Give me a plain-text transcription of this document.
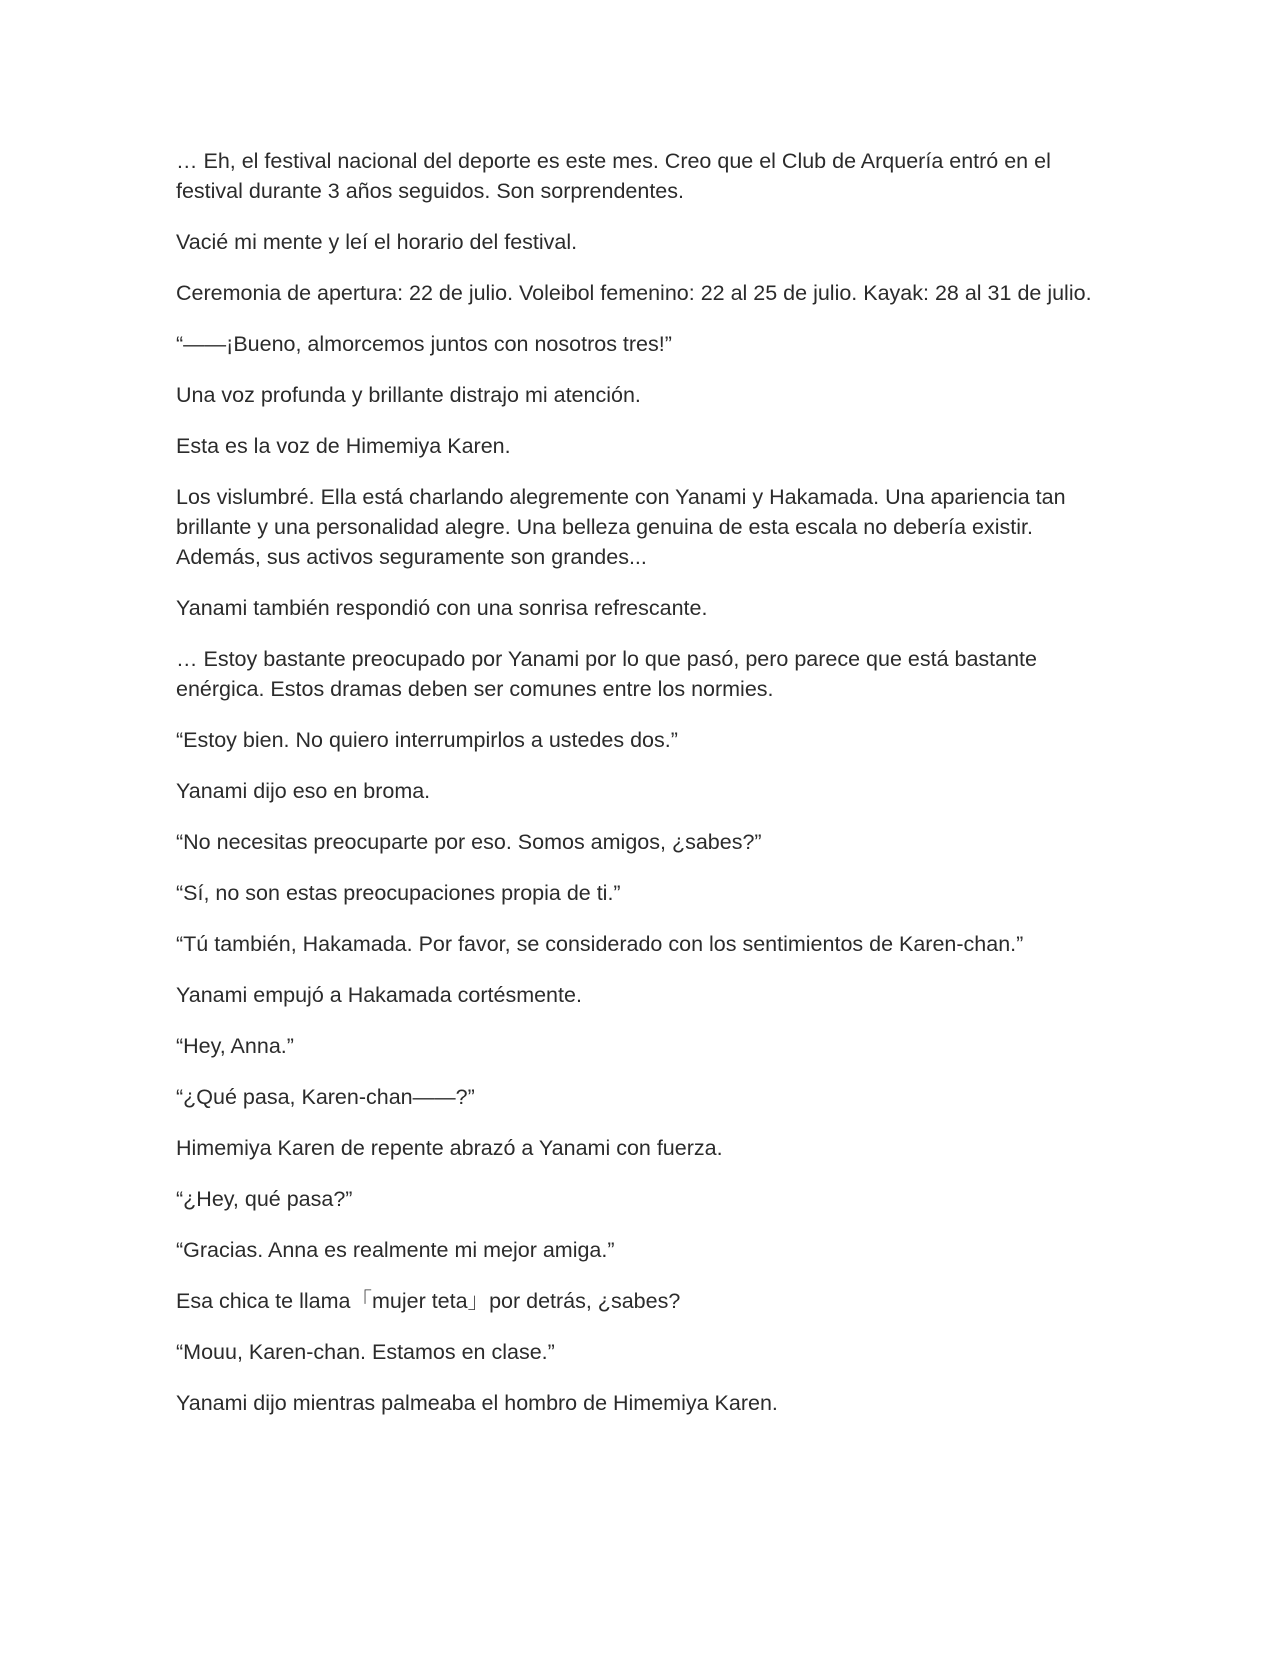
… Eh, el festival nacional del deporte es este mes. Creo que el Club de Arquería entró en el festival durante 3 años seguidos. Son sorprendentes.

Vacié mi mente y leí el horario del festival.

Ceremonia de apertura: 22 de julio. Voleibol femenino: 22 al 25 de julio. Kayak: 28 al 31 de julio.

“——¡Bueno, almorcemos juntos con nosotros tres!”

Una voz profunda y brillante distrajo mi atención.

Esta es la voz de Himemiya Karen.

Los vislumbré. Ella está charlando alegremente con Yanami y Hakamada. Una apariencia tan brillante y una personalidad alegre. Una belleza genuina de esta escala no debería existir. Además, sus activos seguramente son grandes...

Yanami también respondió con una sonrisa refrescante.

… Estoy bastante preocupado por Yanami por lo que pasó, pero parece que está bastante enérgica. Estos dramas deben ser comunes entre los normies.

“Estoy bien. No quiero interrumpirlos a ustedes dos.”

Yanami dijo eso en broma.

“No necesitas preocuparte por eso. Somos amigos, ¿sabes?”

“Sí, no son estas preocupaciones propia de ti.”

“Tú también, Hakamada. Por favor, se considerado con los sentimientos de Karen-chan.”

Yanami empujó a Hakamada cortésmente.

“Hey, Anna.”

“¿Qué pasa, Karen-chan——?”

Himemiya Karen de repente abrazó a Yanami con fuerza.

“¿Hey, qué pasa?”

“Gracias. Anna es realmente mi mejor amiga.”

Esa chica te llama「mujer teta」por detrás, ¿sabes?

“Mouu, Karen-chan. Estamos en clase.”

Yanami dijo mientras palmeaba el hombro de Himemiya Karen.
